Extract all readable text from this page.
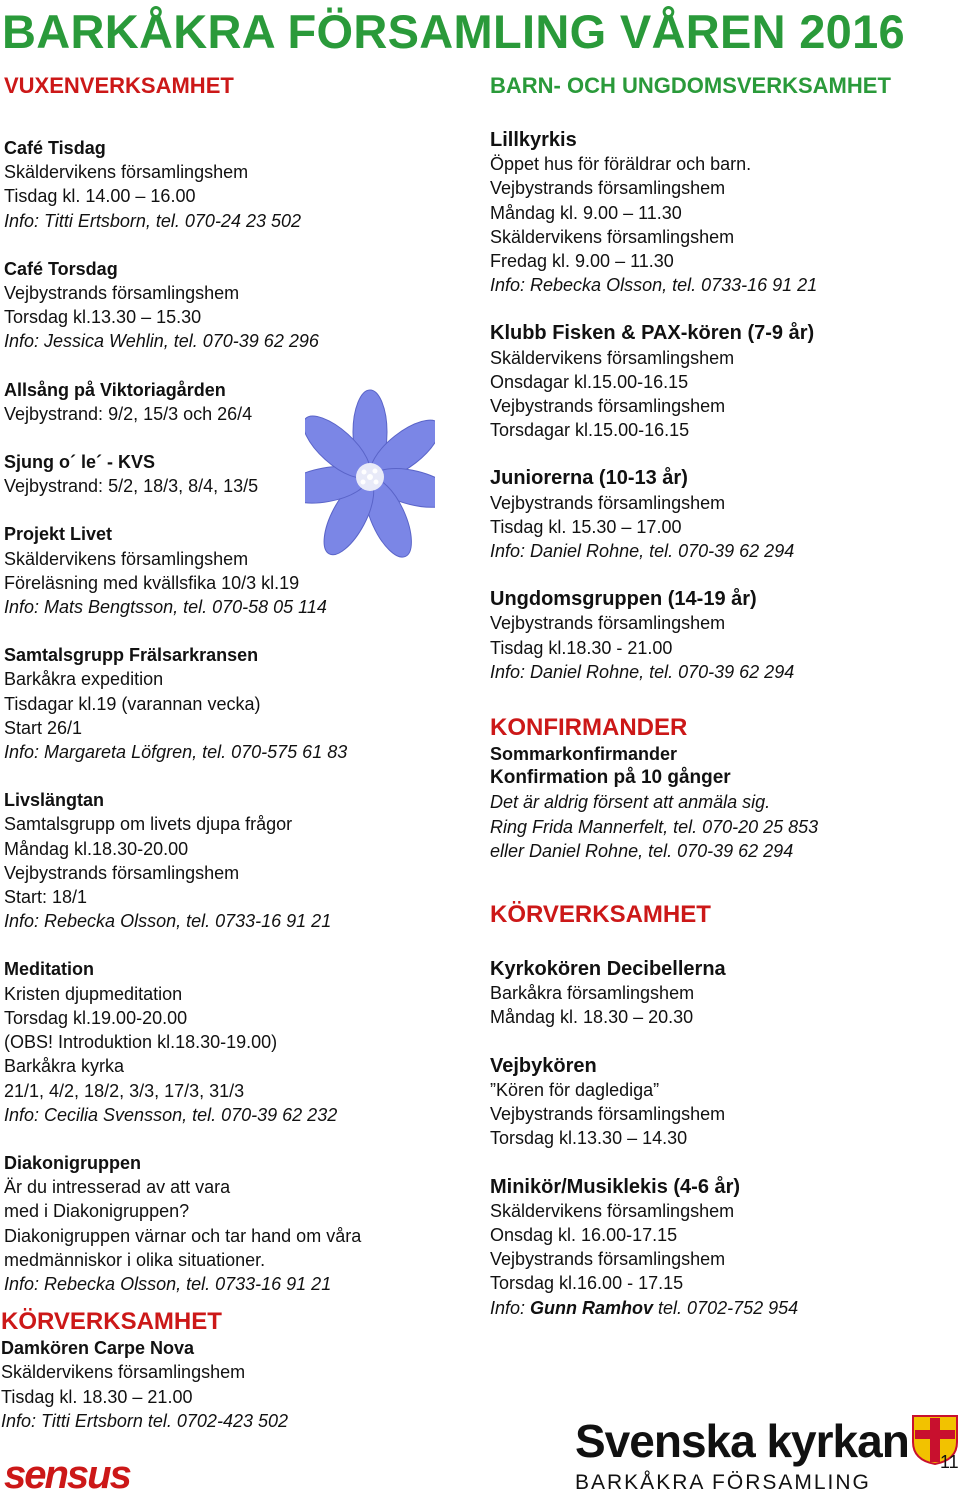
BARKÅKRA FÖRSAMLING VÅREN 2016
VUXENVERKSAMHET
Café Tisdag
Skäldervikens församlingshem
Tisdag kl. 14.00 – 16.00
Info: Titti Ertsborn, tel. 070-24 23 502
Café Torsdag
Vejbystrands församlingshem
Torsdag kl.13.30 – 15.30
Info: Jessica Wehlin, tel. 070-39 62 296
Allsång på Viktoriagården
Vejbystrand: 9/2, 15/3 och 26/4
Sjung o´ le´ - KVS
Vejbystrand: 5/2, 18/3, 8/4, 13/5
Projekt Livet
Skäldervikens församlingshem
Föreläsning med kvällsfika 10/3 kl.19
Info: Mats Bengtsson, tel. 070-58 05 114
Samtalsgrupp Frälsarkransen
Barkåkra expedition
Tisdagar kl.19 (varannan vecka)
Start 26/1
Info: Margareta Löfgren, tel. 070-575 61 83
Livslängtan
Samtalsgrupp om livets djupa frågor
Måndag kl.18.30-20.00
Vejbystrands församlingshem
Start: 18/1
Info: Rebecka Olsson, tel. 0733-16 91 21
Meditation
Kristen djupmeditation
Torsdag kl.19.00-20.00
(OBS! Introduktion kl.18.30-19.00)
Barkåkra kyrka
21/1, 4/2, 18/2, 3/3, 17/3, 31/3
Info: Cecilia Svensson, tel. 070-39 62 232
Diakonigruppen
Är du intresserad av att vara
med i Diakonigruppen?
Diakonigruppen värnar och tar hand om våra
medmänniskor i olika situationer.
Info: Rebecka Olsson, tel. 0733-16 91 21
KÖRVERKSAMHET
Damkören Carpe Nova
Skäldervikens församlingshem
Tisdag kl. 18.30 – 21.00
Info: Titti Ertsborn tel. 0702-423 502
BARN- OCH UNGDOMSVERKSAMHET
Lillkyrkis
Öppet hus för föräldrar och barn.
Vejbystrands församlingshem
Måndag kl. 9.00 – 11.30
Skäldervikens församlingshem
Fredag kl. 9.00 – 11.30
Info: Rebecka Olsson, tel. 0733-16 91 21
Klubb Fisken & PAX-kören (7-9 år)
Skäldervikens församlingshem
Onsdagar kl.15.00-16.15
Vejbystrands församlingshem
Torsdagar kl.15.00-16.15
Juniorerna (10-13 år)
Vejbystrands församlingshem
Tisdag kl. 15.30 – 17.00
Info: Daniel Rohne, tel. 070-39 62 294
Ungdomsgruppen (14-19 år)
Vejbystrands församlingshem
Tisdag kl.18.30 - 21.00
Info: Daniel Rohne, tel. 070-39 62 294
KONFIRMANDER
Sommarkonfirmander
Konfirmation på 10 gånger
Det är aldrig försent att anmäla sig.
Ring Frida Mannerfelt, tel. 070-20 25 853
eller Daniel Rohne, tel. 070-39 62 294
KÖRVERKSAMHET
Kyrkokören Decibellerna
Barkåkra församlingshem
Måndag kl. 18.30 – 20.30
Vejbykören
”Kören för daglediga”
Vejbystrands församlingshem
Torsdag kl.13.30 – 14.30
Minikör/Musiklekis (4-6 år)
Skäldervikens församlingshem
Onsdag kl. 16.00-17.15
Vejbystrands församlingshem
Torsdag kl.16.00 - 17.15
Info: Gunn Ramhov tel. 0702-752 954
sensus
Svenska kyrkan
BARKÅKRA FÖRSAMLING
11
